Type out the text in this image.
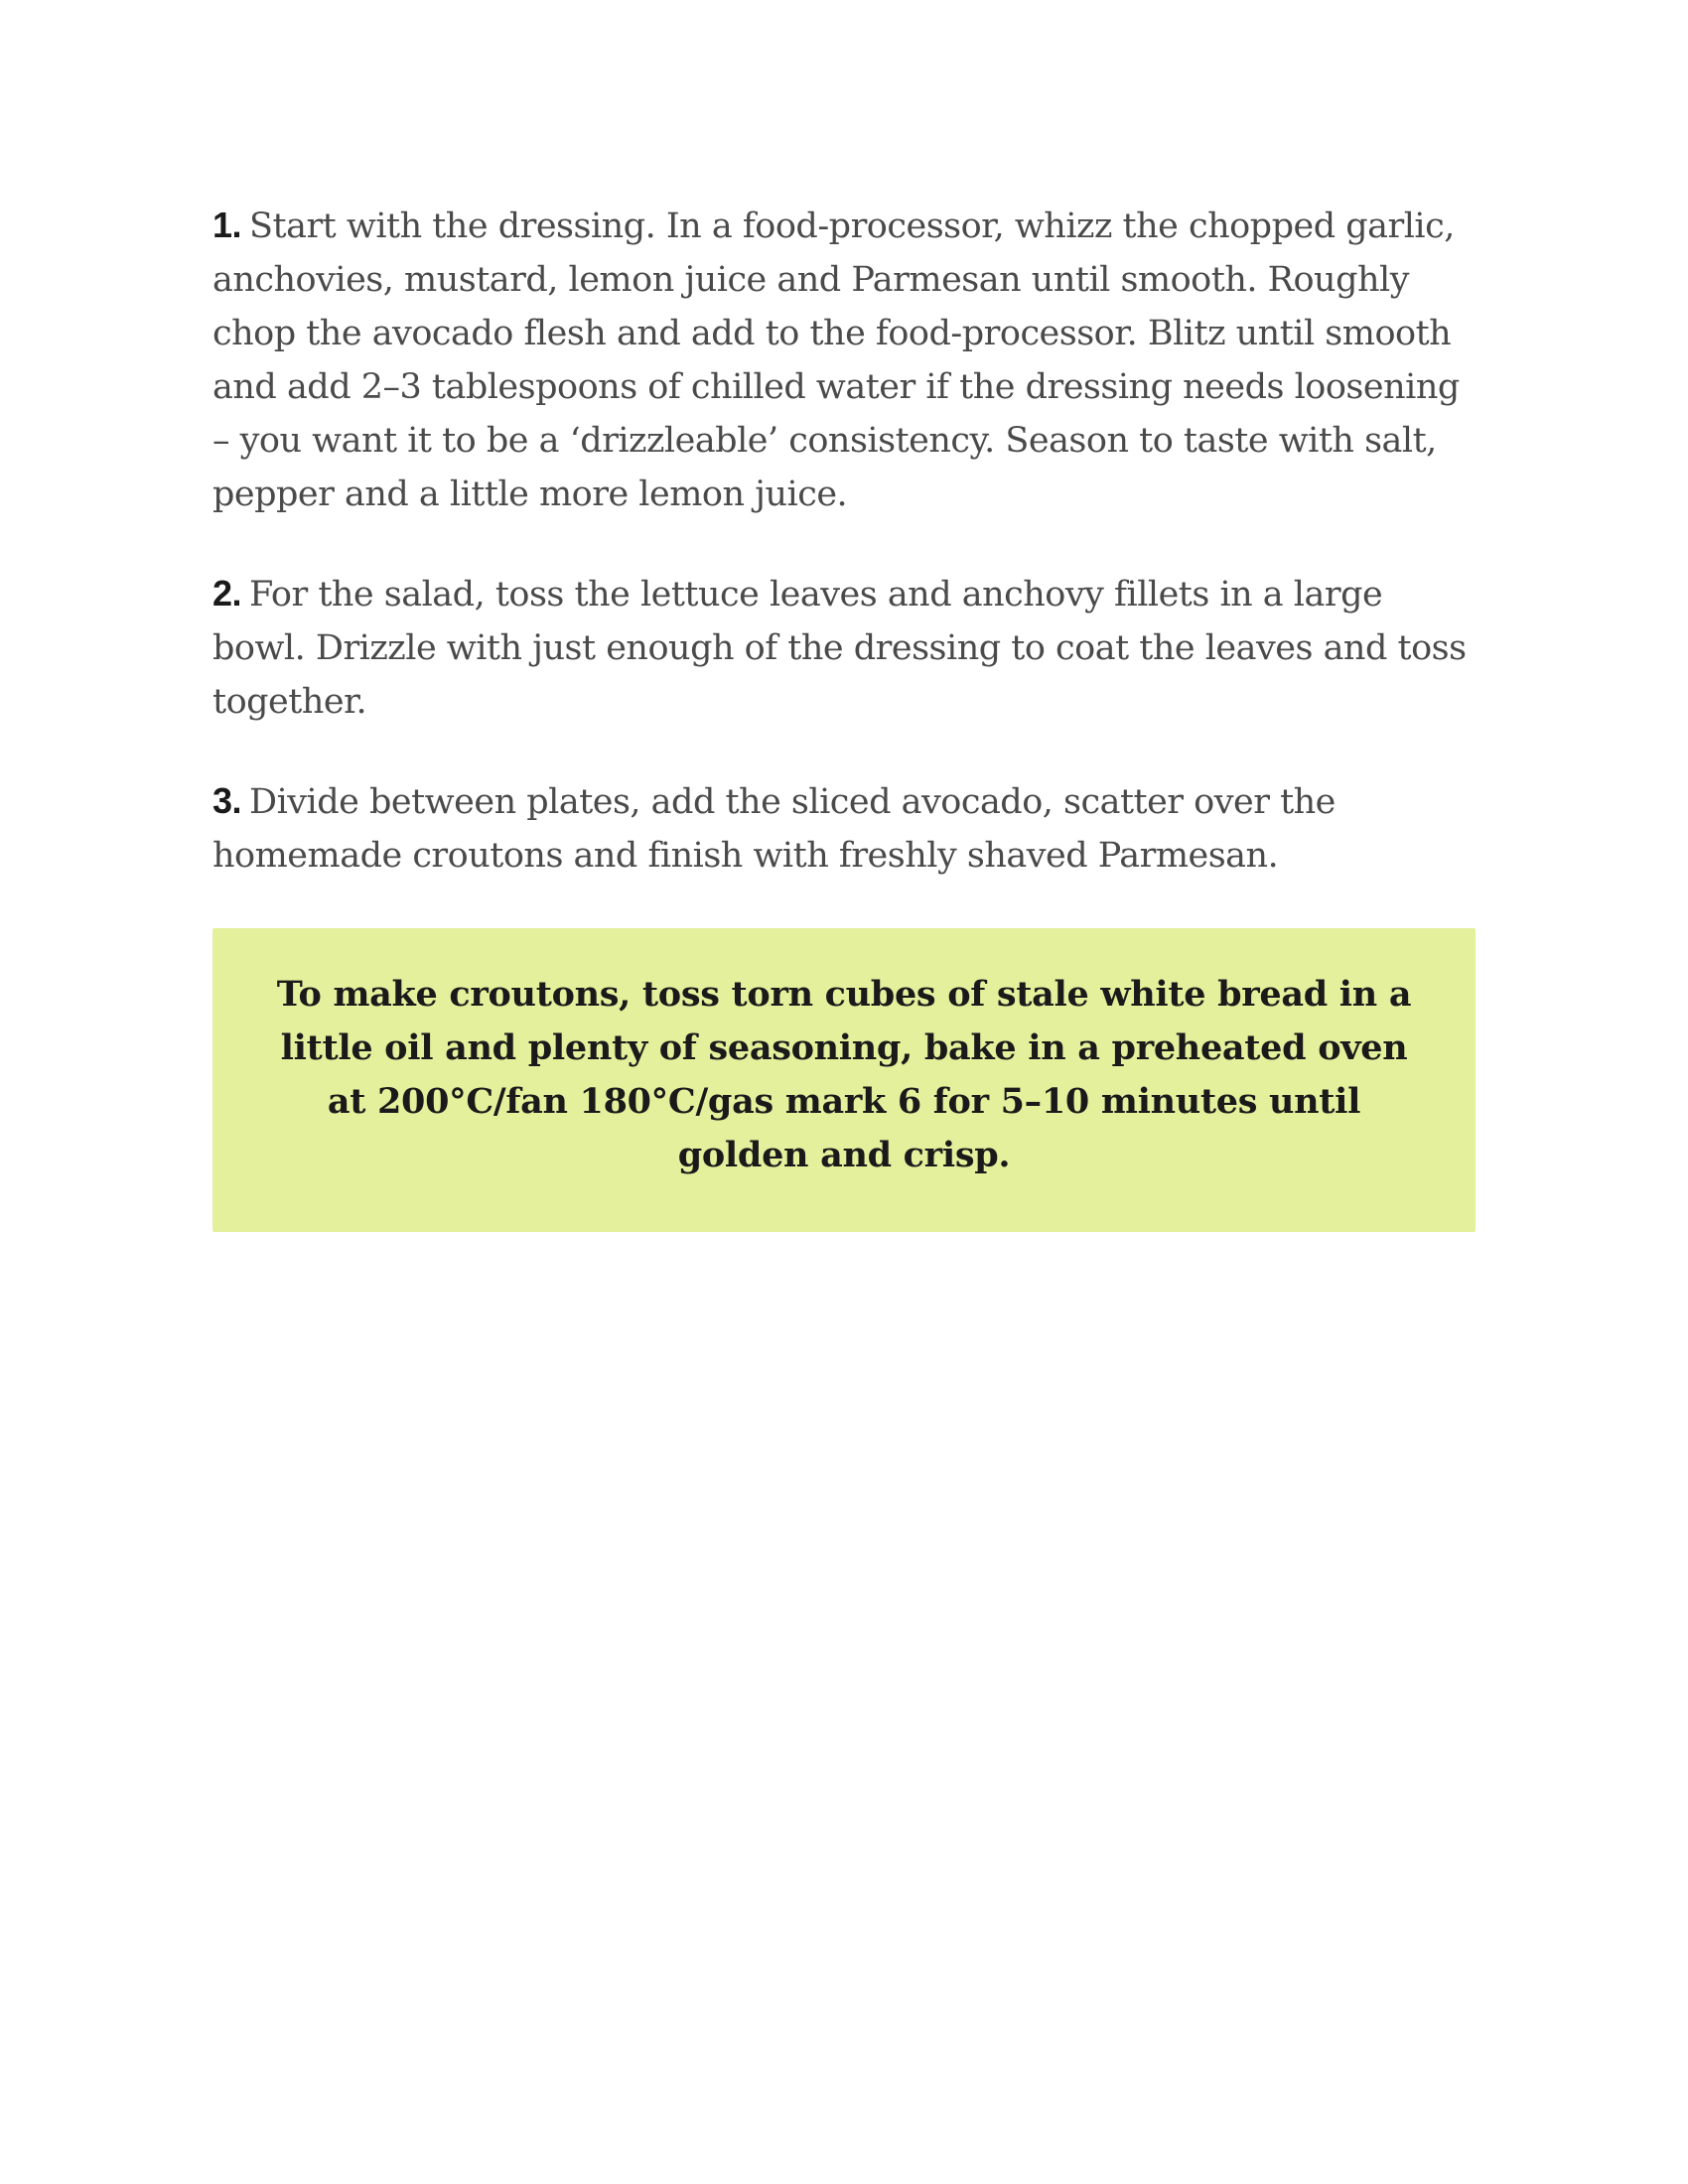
1. Start with the dressing. In a food-processor, whizz the chopped garlic, anchovies, mustard, lemon juice and Parmesan until smooth. Roughly chop the avocado flesh and add to the food-processor. Blitz until smooth and add 2–3 tablespoons of chilled water if the dressing needs loosening – you want it to be a ‘drizzleable’ consistency. Season to taste with salt, pepper and a little more lemon juice.

2. For the salad, toss the lettuce leaves and anchovy fillets in a large bowl. Drizzle with just enough of the dressing to coat the leaves and toss together.

3. Divide between plates, add the sliced avocado, scatter over the homemade croutons and finish with freshly shaved Parmesan.

To make croutons, toss torn cubes of stale white bread in a little oil and plenty of seasoning, bake in a preheated oven at 200°C/fan 180°C/gas mark 6 for 5–10 minutes until golden and crisp.
